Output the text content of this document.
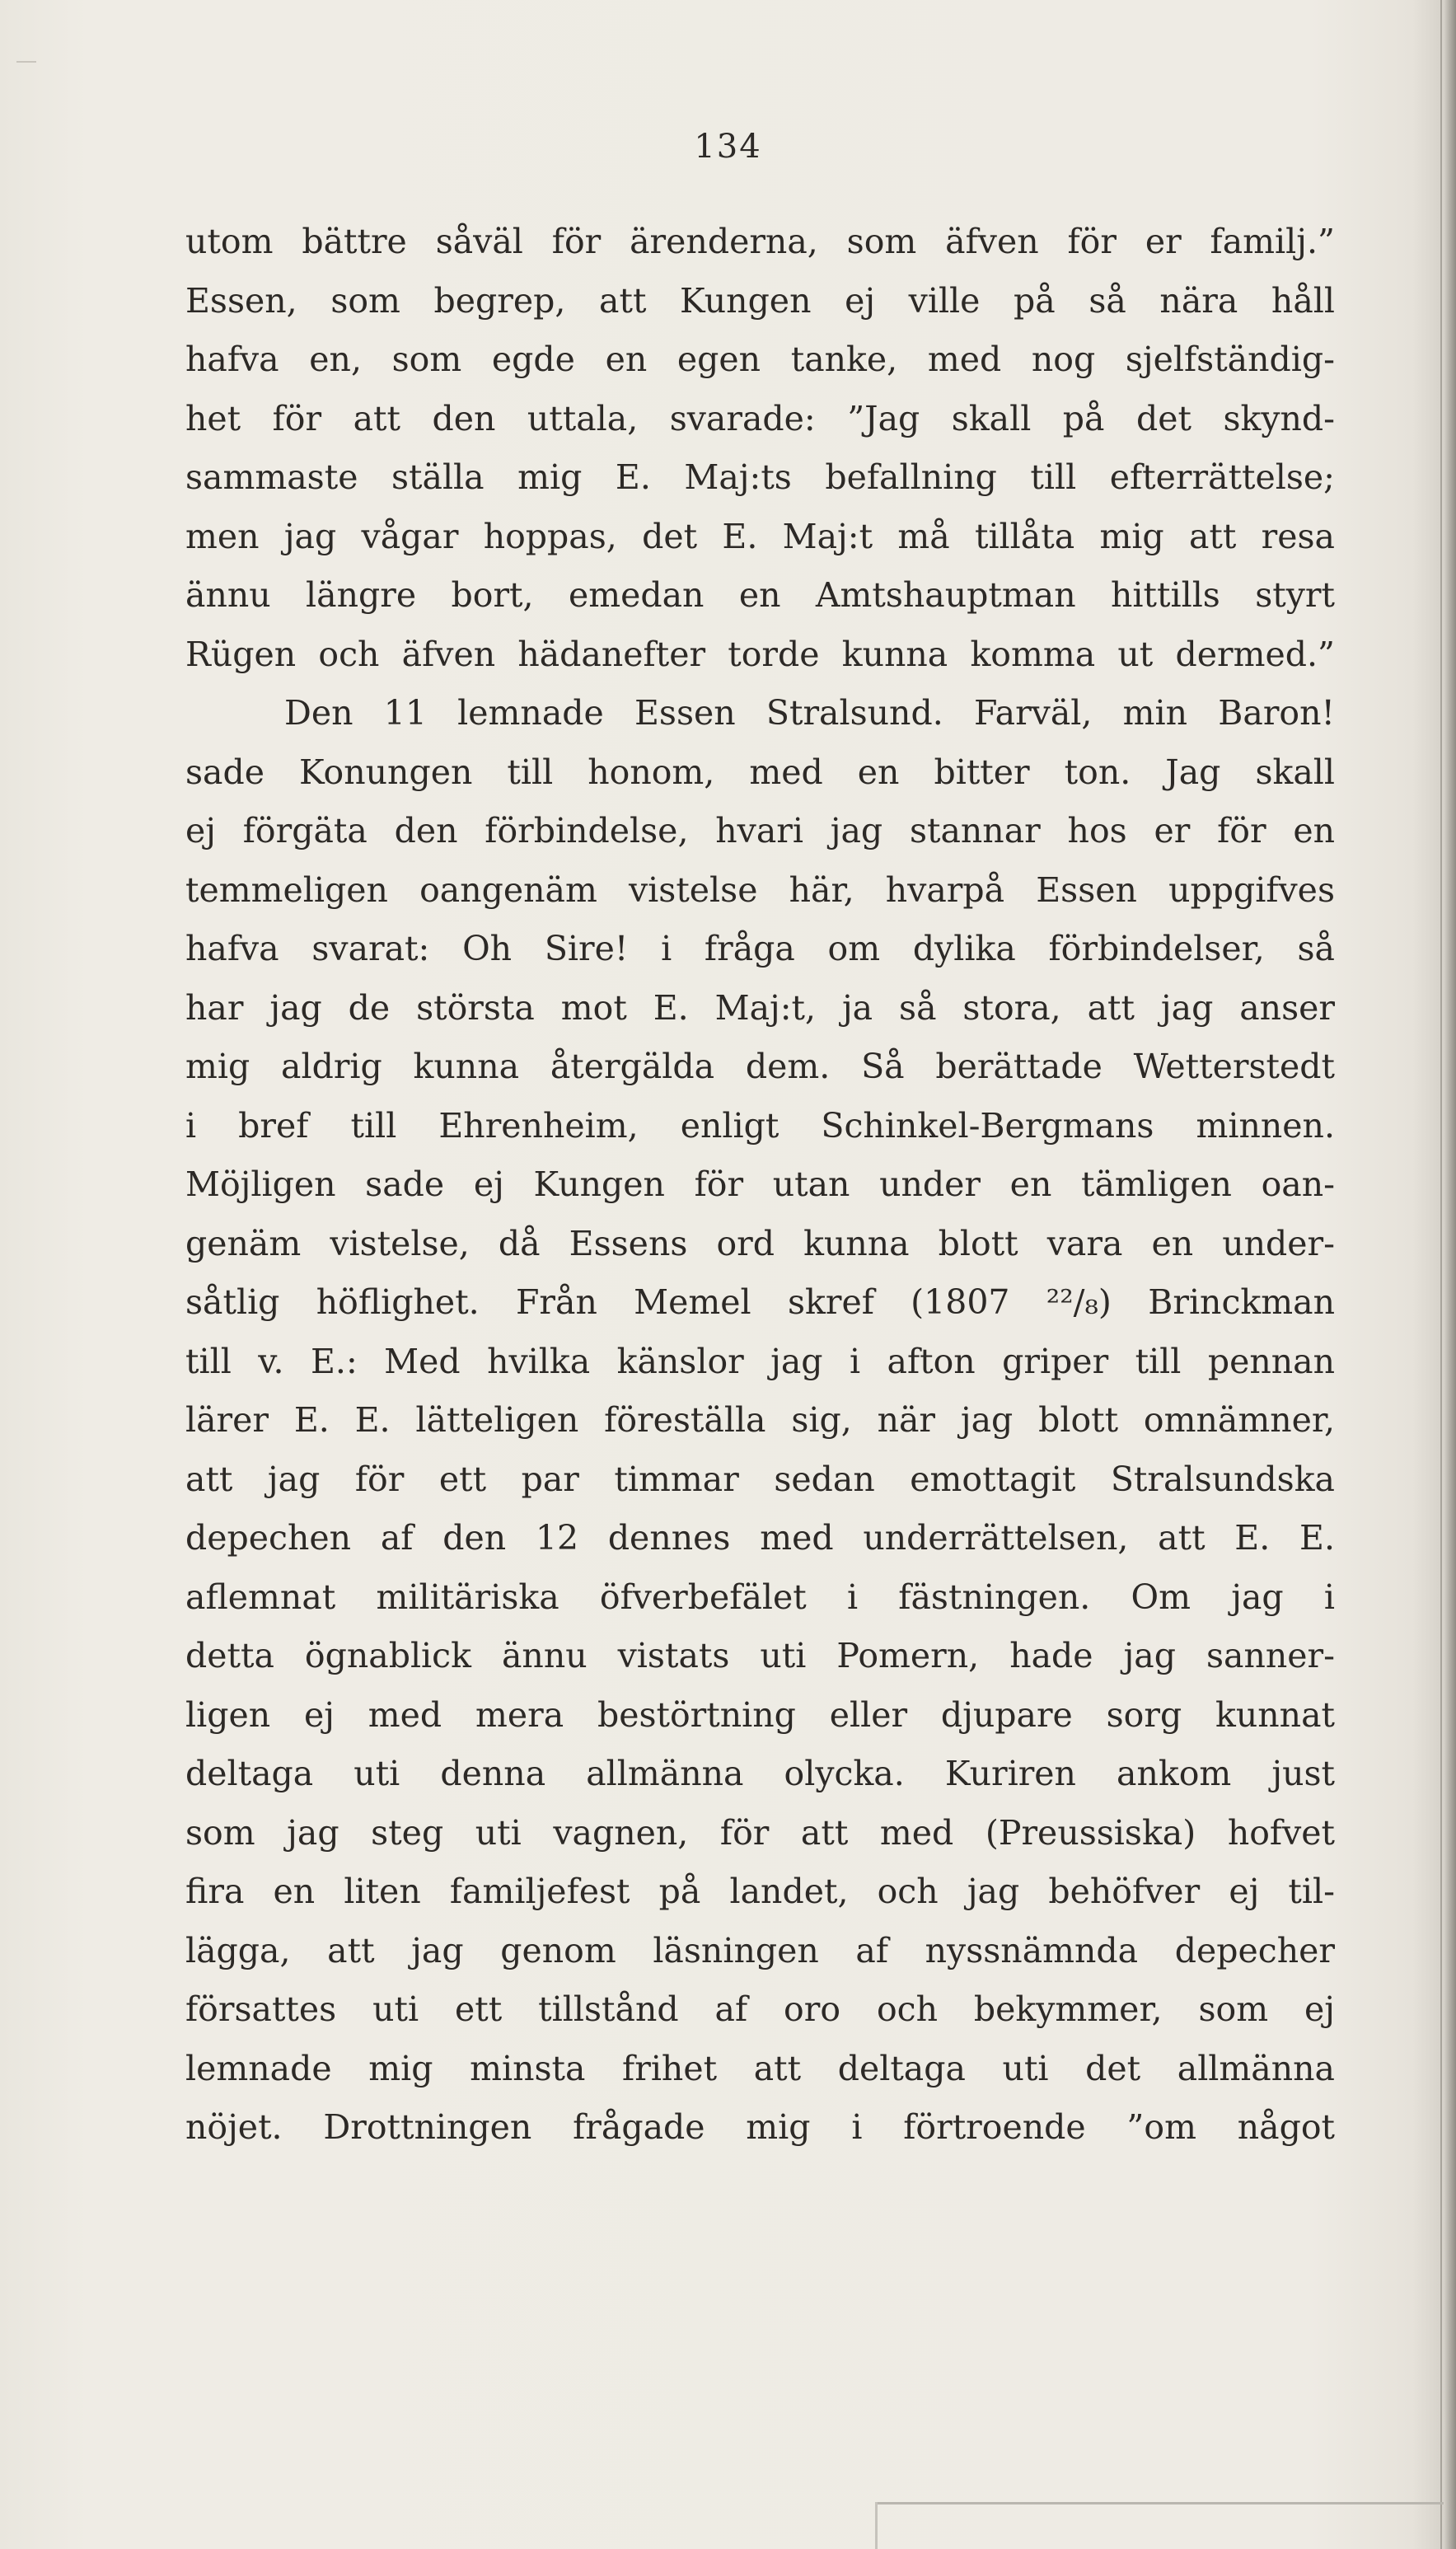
134
utom bättre såväl för ärenderna, som äfven för er familj.”
Essen, som begrep, att Kungen ej ville på så nära håll
hafva en, som egde en egen tanke, med nog sjelfständig-
het för att den uttala, svarade: ”Jag skall på det skynd-
sammaste ställa mig E. Maj:ts befallning till efterrättelse;
men jag vågar hoppas, det E. Maj:t må tillåta mig att resa
ännu längre bort, emedan en Amtshauptman hittills styrt
Rügen och äfven hädanefter torde kunna komma ut dermed.”
Den 11 lemnade Essen Stralsund. Farväl, min Baron!
sade Konungen till honom, med en bitter ton. Jag skall
ej förgäta den förbindelse, hvari jag stannar hos er för en
temmeligen oangenäm vistelse här, hvarpå Essen uppgifves
hafva svarat: Oh Sire! i fråga om dylika förbindelser, så
har jag de största mot E. Maj:t, ja så stora, att jag anser
mig aldrig kunna återgälda dem. Så berättade Wetterstedt
i bref till Ehrenheim, enligt Schinkel-Bergmans minnen.
Möjligen sade ej Kungen för utan under en tämligen oan-
genäm vistelse, då Essens ord kunna blott vara en under-
såtlig höflighet. Från Memel skref (1807 ²²/₈) Brinckman
till v. E.: Med hvilka känslor jag i afton griper till pennan
lärer E. E. lätteligen föreställa sig, när jag blott omnämner,
att jag för ett par timmar sedan emottagit Stralsundska
depechen af den 12 dennes med underrättelsen, att E. E.
aflemnat militäriska öfverbefälet i fästningen. Om jag i
detta ögnablick ännu vistats uti Pomern, hade jag sanner-
ligen ej med mera bestörtning eller djupare sorg kunnat
deltaga uti denna allmänna olycka. Kuriren ankom just
som jag steg uti vagnen, för att med (Preussiska) hofvet
fira en liten familjefest på landet, och jag behöfver ej til-
lägga, att jag genom läsningen af nyssnämnda depecher
försattes uti ett tillstånd af oro och bekymmer, som ej
lemnade mig minsta frihet att deltaga uti det allmänna
nöjet. Drottningen frågade mig i förtroende ”om något
